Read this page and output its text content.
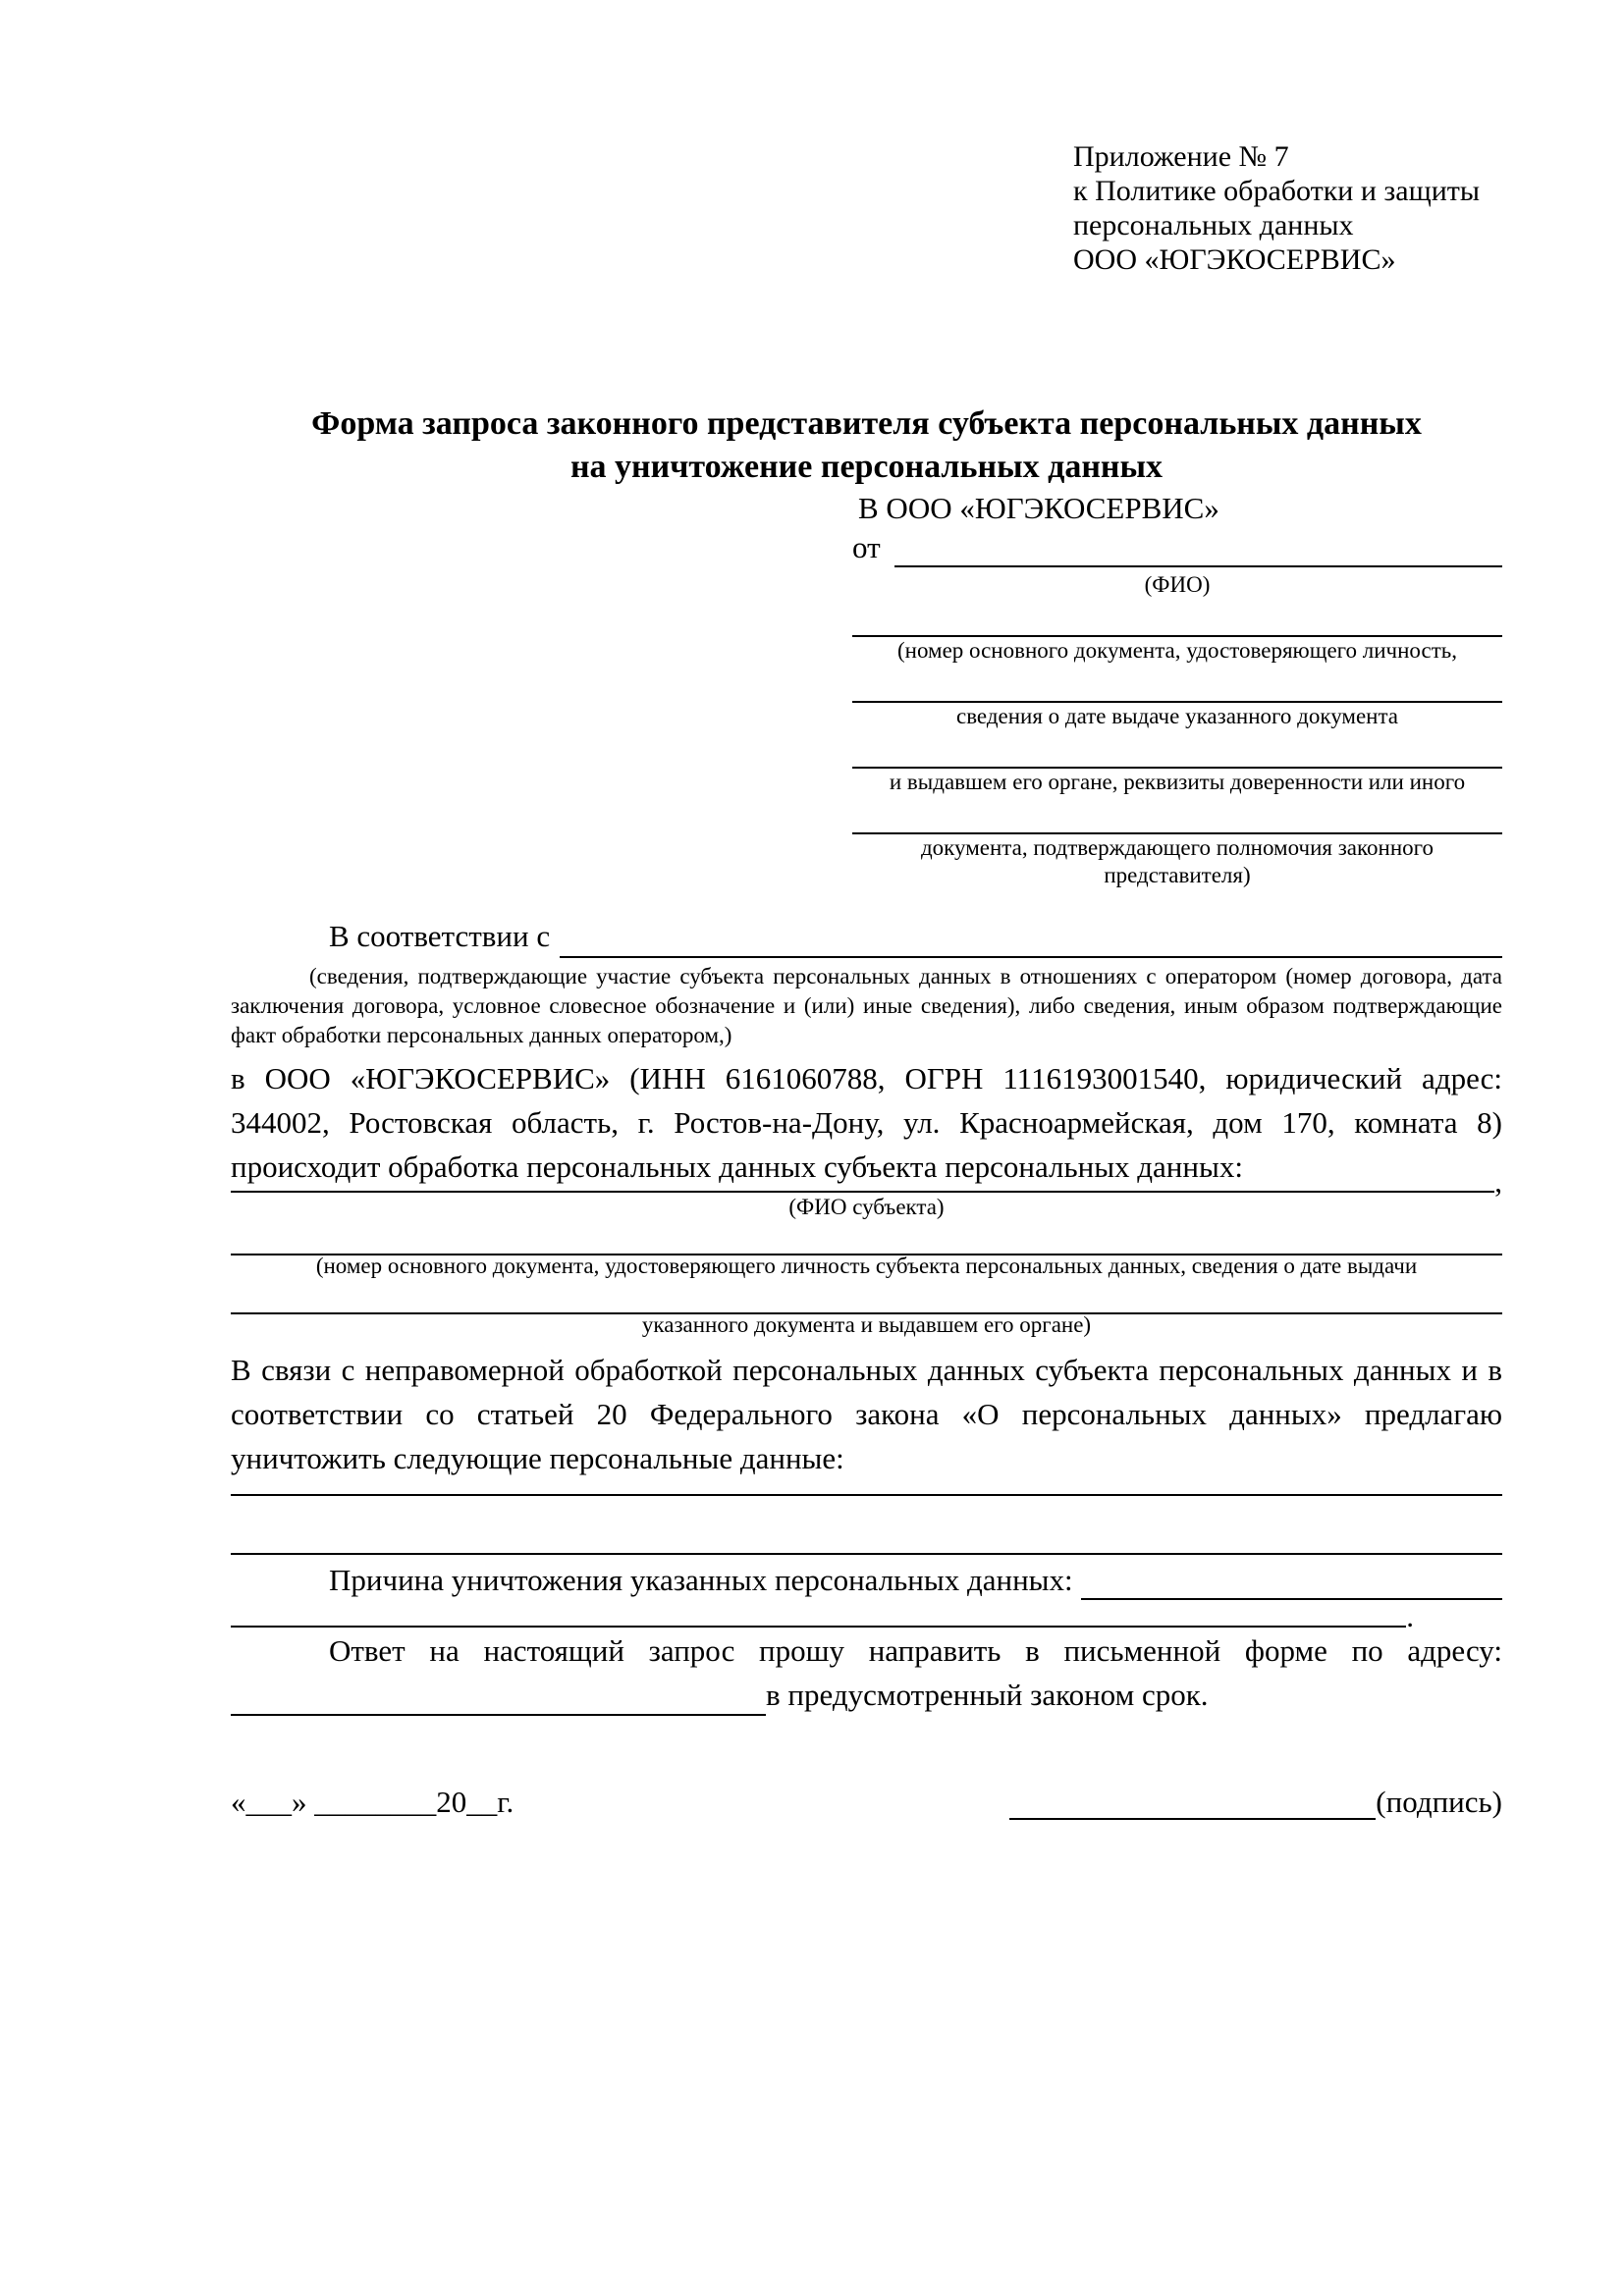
Приложение № 7
к Политике обработки и защиты
персональных данных
ООО «ЮГЭКОСЕРВИС»
Форма запроса законного представителя субъекта персональных данных
на уничтожение персональных данных
В ООО «ЮГЭКОСЕРВИС»
от
(ФИО)
(номер основного документа, удостоверяющего личность,
сведения о дате выдаче указанного документа
и выдавшем его органе, реквизиты доверенности или иного
документа, подтверждающего полномочия законного представителя)
В соответствии с
(сведения, подтверждающие участие субъекта персональных данных в отношениях с оператором (номер договора, дата заключения договора, условное словесное обозначение и (или) иные сведения), либо сведения, иным образом подтверждающие факт обработки персональных данных оператором,)

в ООО «ЮГЭКОСЕРВИС» (ИНН 6161060788, ОГРН 1116193001540, юридический адрес: 344002, Ростовская область, г. Ростов-на-Дону, ул. Красноармейская, дом 170, комната 8) происходит обработка персональных данных субъекта персональных данных:	,
(ФИО субъекта)
(номер основного документа, удостоверяющего личность субъекта персональных данных, сведения о дате выдачи
указанного документа и выдавшем его органе)

В связи с неправомерной обработкой персональных данных субъекта персональных данных и в соответствии со статьей 20 Федерального закона «О персональных данных» предлагаю уничтожить следующие персональные данные:

Причина уничтожения указанных персональных данных:
.
Ответ на настоящий запрос прошу направить в письменной форме по адресу:
в предусмотренный законом срок.
«___» ________20__г.	(подпись)
